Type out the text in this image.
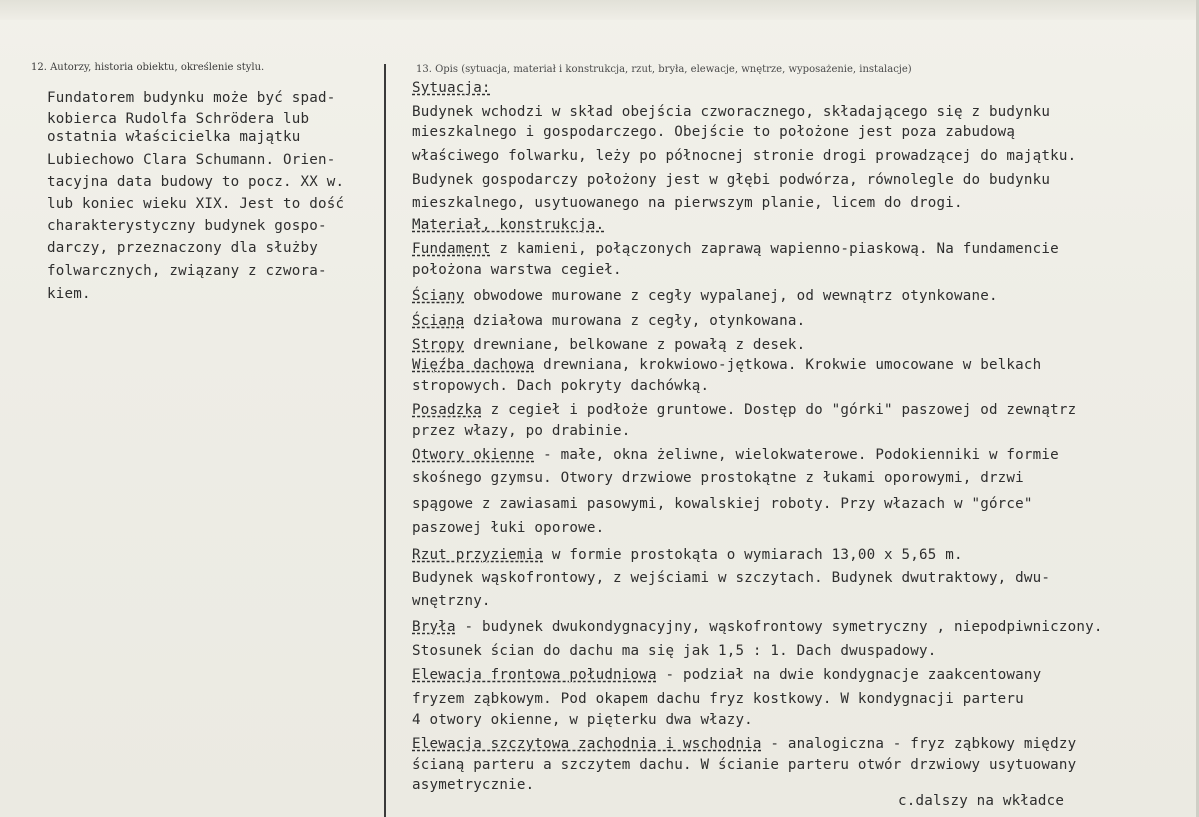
12. Autorzy, historia obiektu, określenie stylu.	13. Opis (sytuacja, materiał i konstrukcja, rzut, bryła, elewacje, wnętrze, wyposażenie, instalacje)
Fundatorem budynku może być spad-
kobierca Rudolfa Schrödera lub
ostatnia właścicielka majątku
Lubiechowo Clara Schumann. Orien-
tacyjna data budowy to pocz. XX w.
lub koniec wieku XIX. Jest to dość
charakterystyczny budynek gospo-
darczy, przeznaczony dla służby
folwarcznych, związany z czwora-
kiem.
Sytuacja:
Budynek wchodzi w skład obejścia czworacznego, składającego się z budynku
mieszkalnego i gospodarczego. Obejście to położone jest poza zabudową
właściwego folwarku, leży po północnej stronie drogi prowadzącej do majątku.
Budynek gospodarczy położony jest w głębi podwórza, równolegle do budynku
mieszkalnego, usytuowanego na pierwszym planie, licem do drogi.
Materiał, konstrukcja.
Fundament z kamieni, połączonych zaprawą wapienno-piaskową. Na fundamencie
położona warstwa cegieł.
Ściany obwodowe murowane z cegły wypalanej, od wewnątrz otynkowane.
Ściana działowa murowana z cegły, otynkowana.
Stropy drewniane, belkowane z powałą z desek.
Więźba dachowa drewniana, krokwiowo-jętkowa. Krokwie umocowane w belkach
stropowych. Dach pokryty dachówką.
Posadzka z cegieł i podłoże gruntowe. Dostęp do "górki" paszowej od zewnątrz
przez włazy, po drabinie.
Otwory okienne - małe, okna żeliwne, wielokwaterowe. Podokienniki w formie
skośnego gzymsu. Otwory drzwiowe prostokątne z łukami oporowymi, drzwi
spągowe z zawiasami pasowymi, kowalskiej roboty. Przy włazach w "górce"
paszowej łuki oporowe.
Rzut przyziemia w formie prostokąta o wymiarach 13,00 x 5,65 m.
Budynek wąskofrontowy, z wejściami w szczytach. Budynek dwutraktowy, dwu-
wnętrzny.
Bryła - budynek dwukondygnacyjny, wąskofrontowy symetryczny , niepodpiwniczony.
Stosunek ścian do dachu ma się jak 1,5 : 1. Dach dwuspadowy.
Elewacja frontowa południowa - podział na dwie kondygnacje zaakcentowany
fryzem ząbkowym. Pod okapem dachu fryz kostkowy. W kondygnacji parteru
4 otwory okienne, w pięterku dwa włazy.
Elewacja szczytowa zachodnia i wschodnia - analogiczna - fryz ząbkowy między
ścianą parteru a szczytem dachu. W ścianie parteru otwór drzwiowy usytuowany
asymetrycznie.
c.dalszy na wkładce
